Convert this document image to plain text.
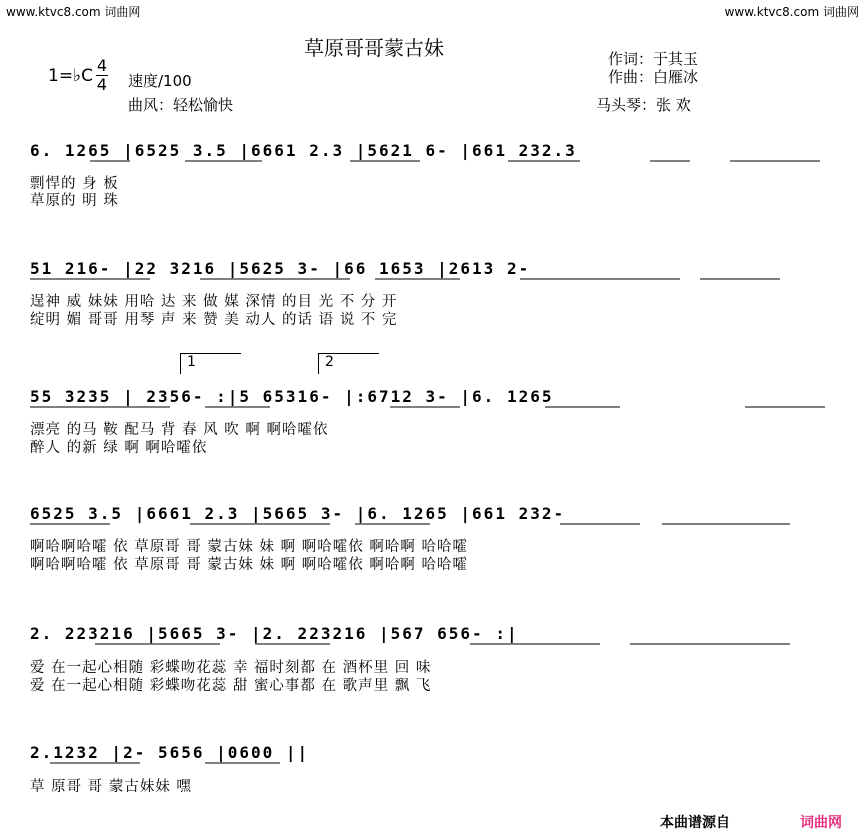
www.ktvc8.com 词曲网	www.ktvc8.com 词曲网
草原哥哥蒙古妹
1=♭C
4
4 速度/100
曲风：轻松愉快
作词：于其玉
作曲：白雁冰
马头琴：张 欢
6. 1265 |6525 3.5 |6661 2.3 |5621 6- |661 232.3
剽悍的 身 板
草原的 明 珠
51 216- |22 3216 |5625 3- |66 1653 |2613 2-
逞神 威 妹妹 用哈 达 来 做 媒 深情 的目 光 不 分 开
绽明 媚 哥哥 用琴 声 来 赞 美 动人 的话 语 说 不 完
1	2
55 3235 | 2356- :|5 65316- |:6712 3- |6. 1265
漂亮 的马 鞍 配马 背 春 风 吹 啊 啊哈嚯依
醉人 的新 绿 啊 啊哈嚯依
6525 3.5 |6661 2.3 |5665 3- |6. 1265 |661 232-
啊哈啊哈嚯 依 草原哥 哥 蒙古妹 妹 啊 啊哈嚯依 啊哈啊 哈哈嚯
啊哈啊哈嚯 依 草原哥 哥 蒙古妹 妹 啊 啊哈嚯依 啊哈啊 哈哈嚯
2. 223216 |5665 3- |2. 223216 |567 656- :|
爱 在一起心相随 彩蝶吻花蕊 幸 福时刻都 在 酒杯里 回 味
爱 在一起心相随 彩蝶吻花蕊 甜 蜜心事都 在 歌声里 飘 飞
2.1232 |2- 5656 |0600 ||
草 原哥 哥 蒙古妹妹 嘿
本曲谱源自	词曲网
